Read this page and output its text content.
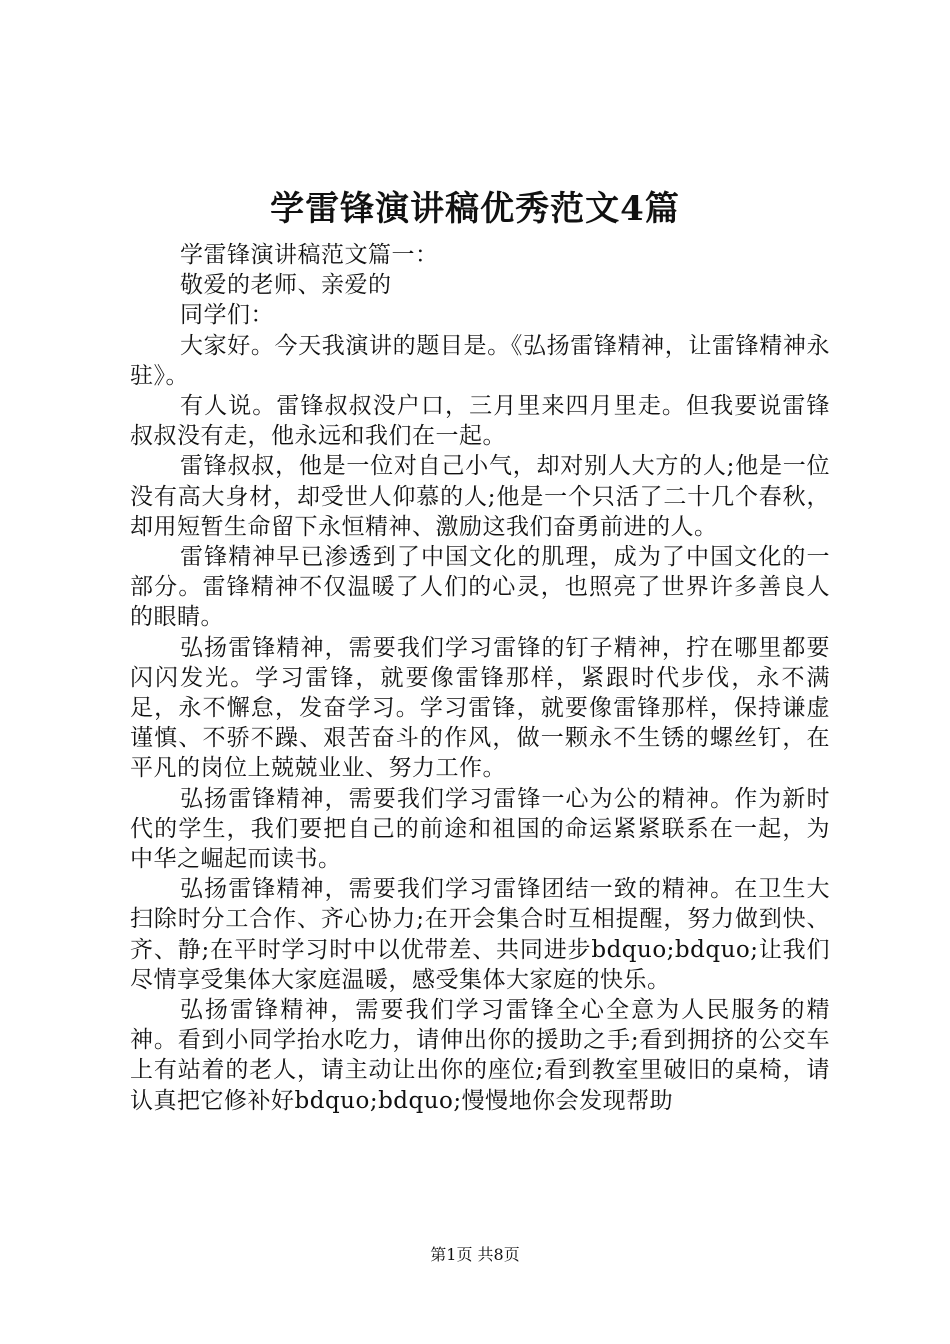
学雷锋演讲稿优秀范文4篇

学雷锋演讲稿范文篇一：

敬爱的老师、亲爱的

同学们：

大家好。今天我演讲的题目是。《弘扬雷锋精神，让雷锋精神永驻》。

有人说。雷锋叔叔没户口，三月里来四月里走。但我要说雷锋叔叔没有走，他永远和我们在一起。

雷锋叔叔，他是一位对自己小气，却对别人大方的人;他是一位没有高大身材，却受世人仰慕的人;他是一个只活了二十几个春秋，却用短暂生命留下永恒精神、激励这我们奋勇前进的人。

雷锋精神早已渗透到了中国文化的肌理，成为了中国文化的一部分。雷锋精神不仅温暖了人们的心灵，也照亮了世界许多善良人的眼睛。

弘扬雷锋精神，需要我们学习雷锋的钉子精神，拧在哪里都要闪闪发光。学习雷锋，就要像雷锋那样，紧跟时代步伐，永不满足，永不懈怠，发奋学习。学习雷锋，就要像雷锋那样，保持谦虚谨慎、不骄不躁、艰苦奋斗的作风，做一颗永不生锈的螺丝钉，在平凡的岗位上兢兢业业、努力工作。

弘扬雷锋精神，需要我们学习雷锋一心为公的精神。作为新时代的学生，我们要把自己的前途和祖国的命运紧紧联系在一起，为中华之崛起而读书。

弘扬雷锋精神，需要我们学习雷锋团结一致的精神。在卫生大扫除时分工合作、齐心协力;在开会集合时互相提醒，努力做到快、齐、静;在平时学习时中以优带差、共同进步bdquo;bdquo;让我们尽情享受集体大家庭温暖，感受集体大家庭的快乐。

弘扬雷锋精神，需要我们学习雷锋全心全意为人民服务的精神。看到小同学抬水吃力，请伸出你的援助之手;看到拥挤的公交车上有站着的老人，请主动让出你的座位;看到教室里破旧的桌椅，请认真把它修补好bdquo;bdquo;慢慢地你会发现帮助

第1页 共8页
